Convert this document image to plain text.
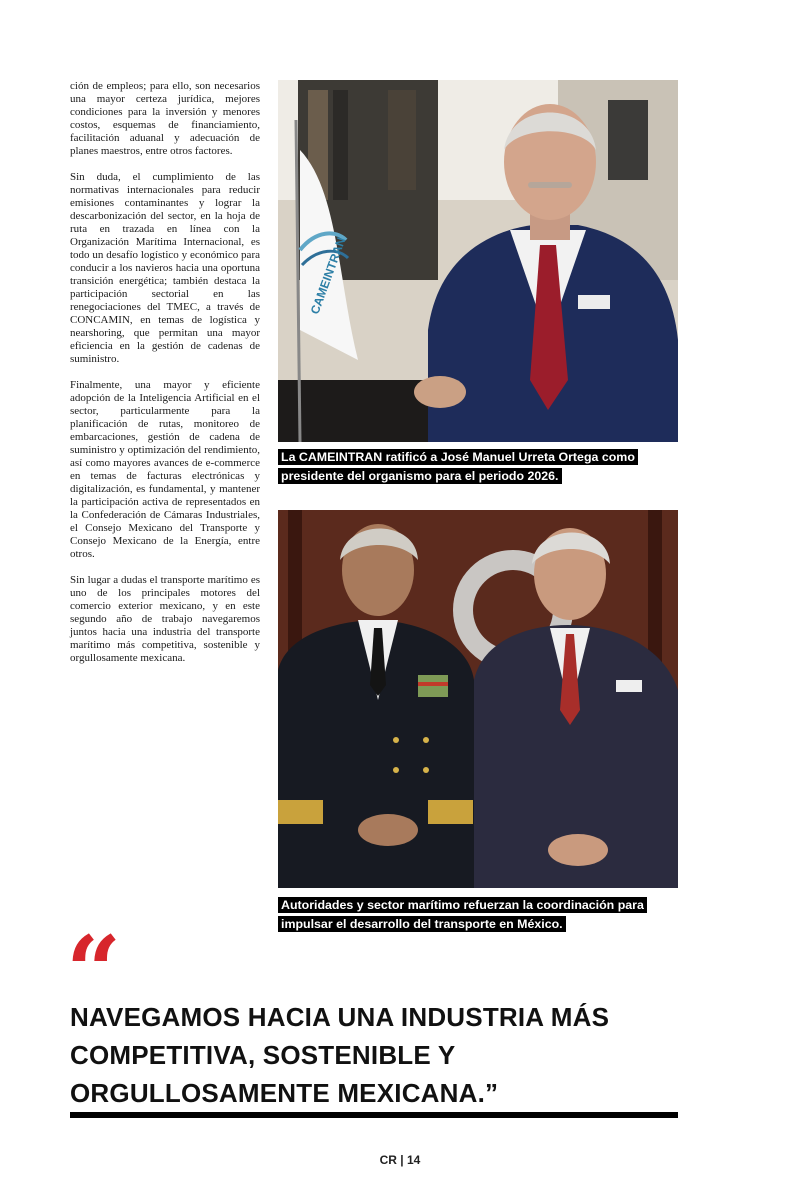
ción de empleos; para ello, son necesarios una mayor certeza jurídica, mejores condiciones para la inversión y menores costos, esquemas de financiamiento, facilitación aduanal y adecuación de planes maestros, entre otros factores.

Sin duda, el cumplimiento de las normativas internacionales para reducir emisiones contaminantes y lograr la descarbonización del sector, en la hoja de ruta en trazada en línea con la Organización Marítima Internacional, es todo un desafío logístico y económico para conducir a los navieros hacia una oportuna transición energética; también destaca la participación sectorial en las renegociaciones del TMEC, a través de CONCAMIN, en temas de logística y nearshoring, que permitan una mayor eficiencia en la gestión de cadenas de suministro.

Finalmente, una mayor y eficiente adopción de la Inteligencia Artificial en el sector, particularmente para la planificación de rutas, monitoreo de embarcaciones, gestión de cadena de suministro y optimización del rendimiento, así como mayores avances de e-commerce en temas de facturas electrónicas y digitalización, es fundamental, y mantener la participación activa de representados en la Confederación de Cámaras Industriales, el Consejo Mexicano del Transporte y Consejo Mexicano de la Energía, entre otros.

Sin lugar a dudas el transporte marítimo es uno de los principales motores del comercio exterior mexicano, y en este segundo año de trabajo navegaremos juntos hacia una industria del transporte marítimo más competitiva, sostenible y orgullosamente mexicana.

CAMEINTRAN
La CAMEINTRAN ratificó a José Manuel Urreta Ortega como presidente del organismo para el periodo 2026.
Autoridades y sector marítimo refuerzan la coordinación para impulsar el desarrollo del transporte en México.
“

NAVEGAMOS HACIA UNA INDUSTRIA MÁS COMPETITIVA, SOSTENIBLE Y ORGULLOSAMENTE MEXICANA.”

CR | 14
